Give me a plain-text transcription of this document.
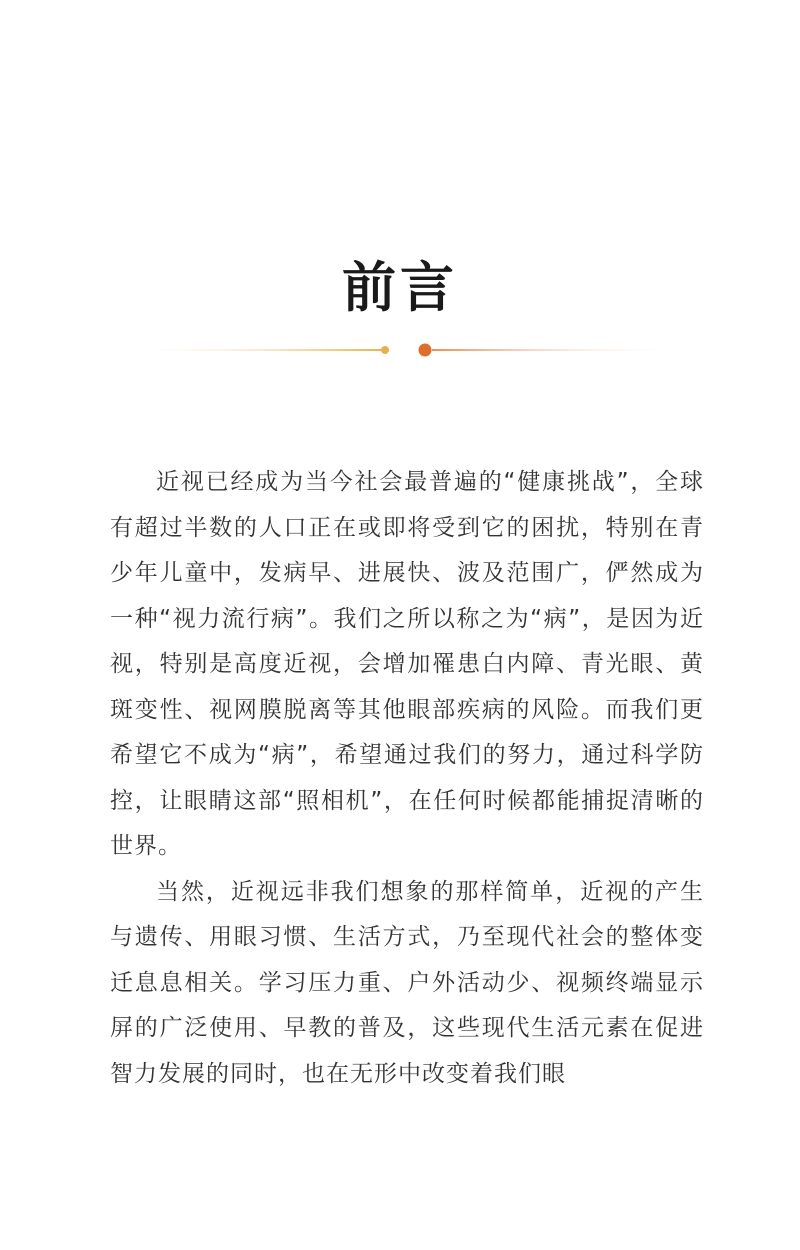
前言

近视已经成为当今社会最普遍的“健康挑战”，全球有超过半数的人口正在或即将受到它的困扰，特别在青少年儿童中，发病早、进展快、波及范围广，俨然成为一种“视力流行病”。我们之所以称之为“病”，是因为近视，特别是高度近视，会增加罹患白内障、青光眼、黄斑变性、视网膜脱离等其他眼部疾病的风险。而我们更希望它不成为“病”，希望通过我们的努力，通过科学防控，让眼睛这部“照相机”，在任何时候都能捕捉清晰的世界。

当然，近视远非我们想象的那样简单，近视的产生与遗传、用眼习惯、生活方式，乃至现代社会的整体变迁息息相关。学习压力重、户外活动少、视频终端显示屏的广泛使用、早教的普及，这些现代生活元素在促进智力发展的同时，也在无形中改变着我们眼
